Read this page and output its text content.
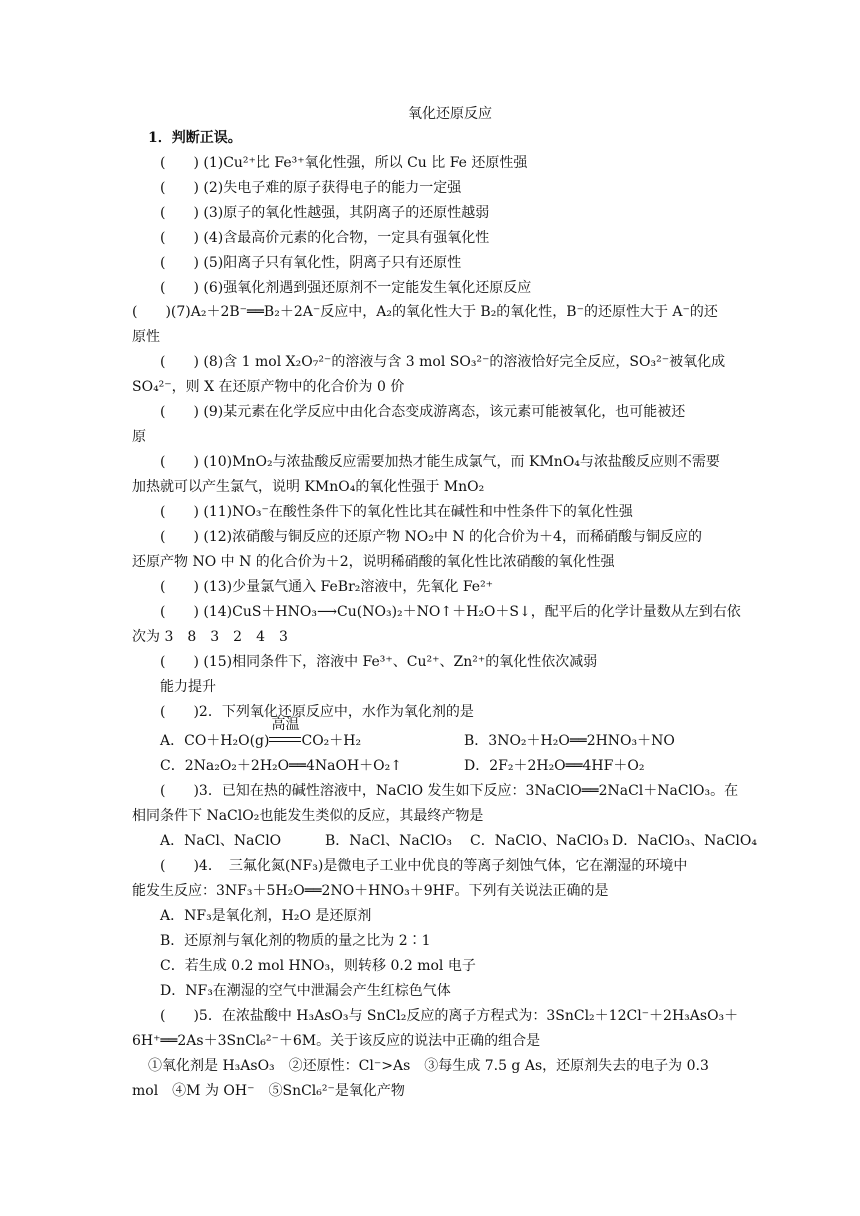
氧化还原反应
1．判断正误。
(　　) (1)Cu²⁺比 Fe³⁺氧化性强，所以 Cu 比 Fe 还原性强
(　　) (2)失电子难的原子获得电子的能力一定强
(　　) (3)原子的氧化性越强，其阴离子的还原性越弱
(　　) (4)含最高价元素的化合物，一定具有强氧化性
(　　) (5)阳离子只有氧化性，阴离子只有还原性
(　　) (6)强氧化剂遇到强还原剂不一定能发生氧化还原反应
(　　)(7)A₂＋2B⁻══B₂＋2A⁻反应中，A₂的氧化性大于 B₂的氧化性，B⁻的还原性大于 A⁻的还
原性
(　　) (8)含 1 mol X₂O₇²⁻的溶液与含 3 mol SO₃²⁻的溶液恰好完全反应，SO₃²⁻被氧化成
SO₄²⁻，则 X 在还原产物中的化合价为 0 价
(　　) (9)某元素在化学反应中由化合态变成游离态，该元素可能被氧化，也可能被还
原
(　　) (10)MnO₂与浓盐酸反应需要加热才能生成氯气，而 KMnO₄与浓盐酸反应则不需要
加热就可以产生氯气，说明 KMnO₄的氧化性强于 MnO₂
(　　) (11)NO₃⁻在酸性条件下的氧化性比其在碱性和中性条件下的氧化性强
(　　) (12)浓硝酸与铜反应的还原产物 NO₂中 N 的化合价为＋4，而稀硝酸与铜反应的
还原产物 NO 中 N 的化合价为＋2，说明稀硝酸的氧化性比浓硝酸的氧化性强
(　　) (13)少量氯气通入 FeBr₂溶液中，先氧化 Fe²⁺
(　　) (14)CuS＋HNO₃⟶Cu(NO₃)₂＋NO↑＋H₂O＋S↓，配平后的化学计量数从左到右依
次为 3　8　3　2　4　3
(　　) (15)相同条件下，溶液中 Fe³⁺、Cu²⁺、Zn²⁺的氧化性依次减弱
能力提升
(　　)2．下列氧化还原反应中，水作为氧化剂的是
A．CO＋H₂O(g)
高温
CO₂＋H₂	B．3NO₂＋H₂O══2HNO₃＋NO
C．2Na₂O₂＋2H₂O══4NaOH＋O₂↑	D．2F₂＋2H₂O══4HF＋O₂
(　　)3．已知在热的碱性溶液中，NaClO 发生如下反应：3NaClO══2NaCl＋NaClO₃。在
相同条件下 NaClO₂也能发生类似的反应，其最终产物是
A．NaCl、NaClO	B．NaCl、NaClO₃ C．NaClO、NaClO₃ D．NaClO₃、NaClO₄
(　　)4．　三氟化氮(NF₃)是微电子工业中优良的等离子刻蚀气体，它在潮湿的环境中
能发生反应：3NF₃＋5H₂O══2NO＋HNO₃＋9HF。下列有关说法正确的是
A．NF₃是氧化剂，H₂O 是还原剂
B．还原剂与氧化剂的物质的量之比为 2∶1
C．若生成 0.2 mol HNO₃，则转移 0.2 mol 电子
D．NF₃在潮湿的空气中泄漏会产生红棕色气体
(　　)5．在浓盐酸中 H₃AsO₃与 SnCl₂反应的离子方程式为：3SnCl₂＋12Cl⁻＋2H₃AsO₃＋
6H⁺══2As＋3SnCl₆²⁻＋6M。关于该反应的说法中正确的组合是
①氧化剂是 H₃AsO₃　②还原性：Cl⁻>As　③每生成 7.5 g As，还原剂失去的电子为 0.3
mol　④M 为 OH⁻　⑤SnCl₆²⁻是氧化产物
